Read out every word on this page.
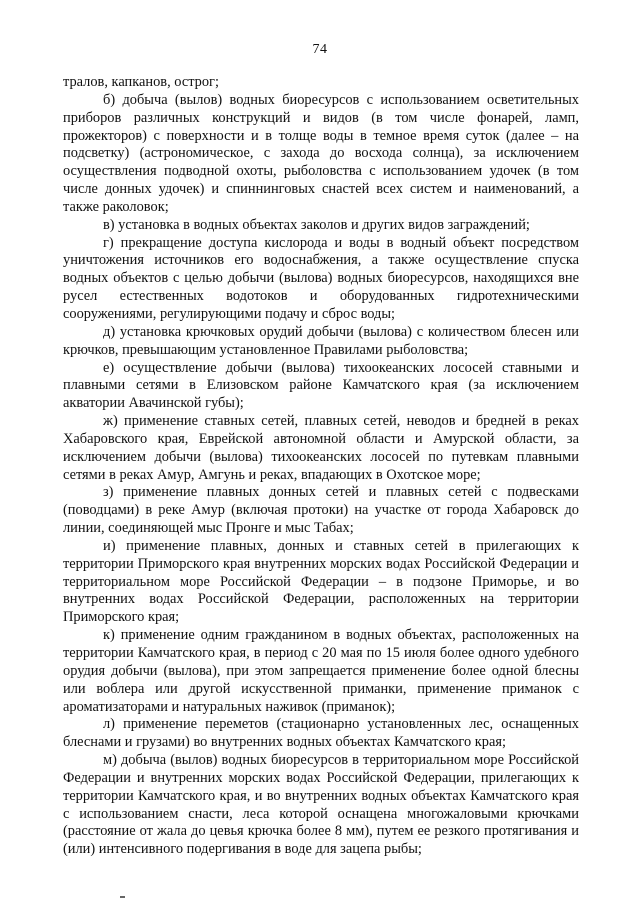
74

тралов, капканов, острог;

б) добыча (вылов) водных биоресурсов с использованием осветительных приборов различных конструкций и видов (в том числе фонарей, ламп, прожекторов) с поверхности и в толще воды в темное время суток (далее – на подсветку) (астрономическое, с захода до восхода солнца), за исключением осуществления подводной охоты, рыболовства с использованием удочек (в том числе донных удочек) и спиннинговых снастей всех систем и наименований, а также раколовок;

в) установка в водных объектах заколов и других видов заграждений;

г) прекращение доступа кислорода и воды в водный объект посредством уничтожения источников его водоснабжения, а также осуществление спуска водных объектов с целью добычи (вылова) водных биоресурсов, находящихся вне русел естественных водотоков и оборудованных гидротехническими сооружениями, регулирующими подачу и сброс воды;

д) установка крючковых орудий добычи (вылова) с количеством блесен или крючков, превышающим установленное Правилами рыболовства;

е) осуществление добычи (вылова) тихоокеанских лососей ставными и плавными сетями в Елизовском районе Камчатского края (за исключением акватории Авачинской губы);

ж) применение ставных сетей, плавных сетей, неводов и бредней в реках Хабаровского края, Еврейской автономной области и Амурской области, за исключением добычи (вылова) тихоокеанских лососей по путевкам плавными сетями в реках Амур, Амгунь и реках, впадающих в Охотское море;

з) применение плавных донных сетей и плавных сетей с подвесками (поводцами) в реке Амур (включая протоки) на участке от города Хабаровск до линии, соединяющей мыс Пронге и мыс Табах;

и) применение плавных, донных и ставных сетей в прилегающих к территории Приморского края внутренних морских водах Российской Федерации и территориальном море Российской Федерации – в подзоне Приморье, и во внутренних водах Российской Федерации, расположенных на территории Приморского края;

к) применение одним гражданином в водных объектах, расположенных на территории Камчатского края, в период с 20 мая по 15 июля более одного удебного орудия добычи (вылова), при этом запрещается применение более одной блесны или воблера или другой искусственной приманки, применение приманок с ароматизаторами и натуральных наживок (приманок);

л) применение переметов (стационарно установленных лес, оснащенных блеснами и грузами) во внутренних водных объектах Камчатского края;

м) добыча (вылов) водных биоресурсов в территориальном море Российской Федерации и внутренних морских водах Российской Федерации, прилегающих к территории Камчатского края, и во внутренних водных объектах Камчатского края с использованием снасти, леса которой оснащена многожаловыми крючками (расстояние от жала до цевья крючка более 8 мм), путем ее резкого протягивания и (или) интенсивного подергивания в воде для зацепа рыбы;
